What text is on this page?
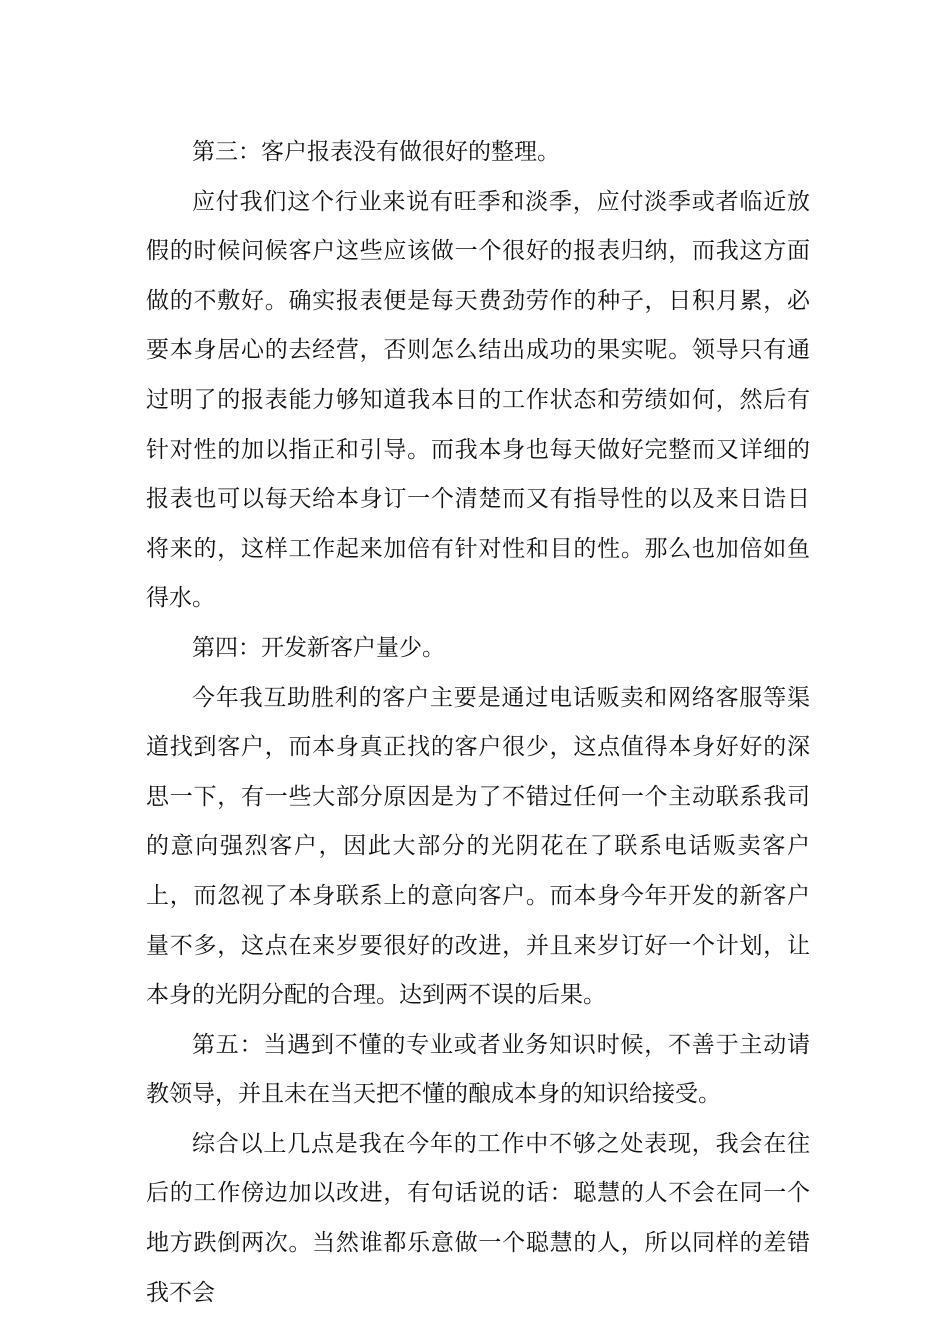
第三：客户报表没有做很好的整理。

应付我们这个行业来说有旺季和淡季，应付淡季或者临近放假的时候问候客户这些应该做一个很好的报表归纳，而我这方面做的不敷好。确实报表便是每天费劲劳作的种子，日积月累，必要本身居心的去经营，否则怎么结出成功的果实呢。领导只有通过明了的报表能力够知道我本日的工作状态和劳绩如何，然后有针对性的加以指正和引导。而我本身也每天做好完整而又详细的报表也可以每天给本身订一个清楚而又有指导性的以及来日诰日将来的，这样工作起来加倍有针对性和目的性。那么也加倍如鱼得水。

第四：开发新客户量少。

今年我互助胜利的客户主要是通过电话贩卖和网络客服等渠道找到客户，而本身真正找的客户很少，这点值得本身好好的深思一下，有一些大部分原因是为了不错过任何一个主动联系我司的意向强烈客户，因此大部分的光阴花在了联系电话贩卖客户上，而忽视了本身联系上的意向客户。而本身今年开发的新客户量不多，这点在来岁要很好的改进，并且来岁订好一个计划，让本身的光阴分配的合理。达到两不误的后果。

第五：当遇到不懂的专业或者业务知识时候，不善于主动请教领导，并且未在当天把不懂的酿成本身的知识给接受。

综合以上几点是我在今年的工作中不够之处表现，我会在往后的工作傍边加以改进，有句话说的话：聪慧的人不会在同一个地方跌倒两次。当然谁都乐意做一个聪慧的人，所以同样的差错我不会
